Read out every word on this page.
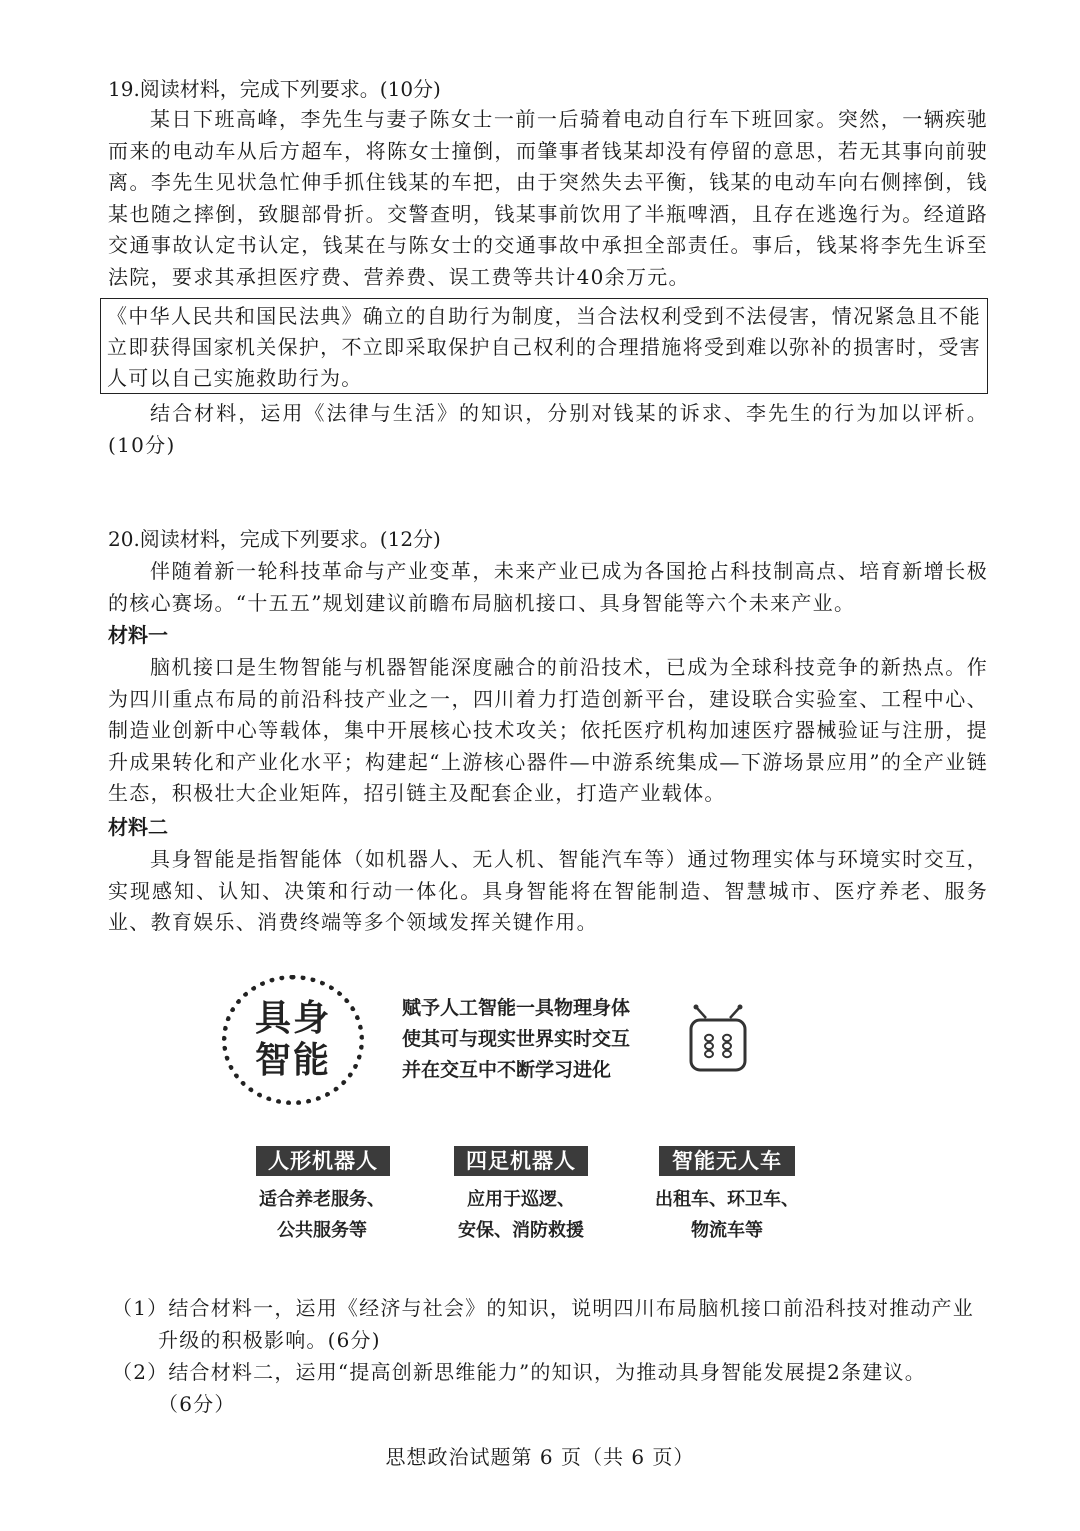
19.阅读材料，完成下列要求。(10分)

某日下班高峰，李先生与妻子陈女士一前一后骑着电动自行车下班回家。突然，一辆疾驰而来的电动车从后方超车，将陈女士撞倒，而肇事者钱某却没有停留的意思，若无其事向前驶离。李先生见状急忙伸手抓住钱某的车把，由于突然失去平衡，钱某的电动车向右侧摔倒，钱某也随之摔倒，致腿部骨折。交警查明，钱某事前饮用了半瓶啤酒，且存在逃逸行为。经道路交通事故认定书认定，钱某在与陈女士的交通事故中承担全部责任。事后，钱某将李先生诉至法院，要求其承担医疗费、营养费、误工费等共计40余万元。

《中华人民共和国民法典》确立的自助行为制度，当合法权利受到不法侵害，情况紧急且不能立即获得国家机关保护，不立即采取保护自己权利的合理措施将受到难以弥补的损害时，受害人可以自己实施救助行为。

结合材料，运用《法律与生活》的知识，分别对钱某的诉求、李先生的行为加以评析。(10分)

20.阅读材料，完成下列要求。(12分)

伴随着新一轮科技革命与产业变革，未来产业已成为各国抢占科技制高点、培育新增长极的核心赛场。“十五五”规划建议前瞻布局脑机接口、具身智能等六个未来产业。

材料一

脑机接口是生物智能与机器智能深度融合的前沿技术，已成为全球科技竞争的新热点。作为四川重点布局的前沿科技产业之一，四川着力打造创新平台，建设联合实验室、工程中心、制造业创新中心等载体，集中开展核心技术攻关；依托医疗机构加速医疗器械验证与注册，提升成果转化和产业化水平；构建起“上游核心器件—中游系统集成—下游场景应用”的全产业链生态，积极壮大企业矩阵，招引链主及配套企业，打造产业载体。

材料二

具身智能是指智能体（如机器人、无人机、智能汽车等）通过物理实体与环境实时交互，实现感知、认知、决策和行动一体化。具身智能将在智能制造、智慧城市、医疗养老、服务业、教育娱乐、消费终端等多个领域发挥关键作用。

具身
智能
赋予人工智能一具物理身体
使其可与现实世界实时交互
并在交互中不断学习进化
人形机器人	四足机器人	智能无人车
适合养老服务、
公共服务等
应用于巡逻、
安保、消防救援
出租车、环卫车、
物流车等
（1）结合材料一，运用《经济与社会》的知识，说明四川布局脑机接口前沿科技对推动产业
升级的积极影响。(6分)
（2）结合材料二，运用“提高创新思维能力”的知识，为推动具身智能发展提2条建议。
（6分）
思想政治试题第 6 页（共 6 页）
